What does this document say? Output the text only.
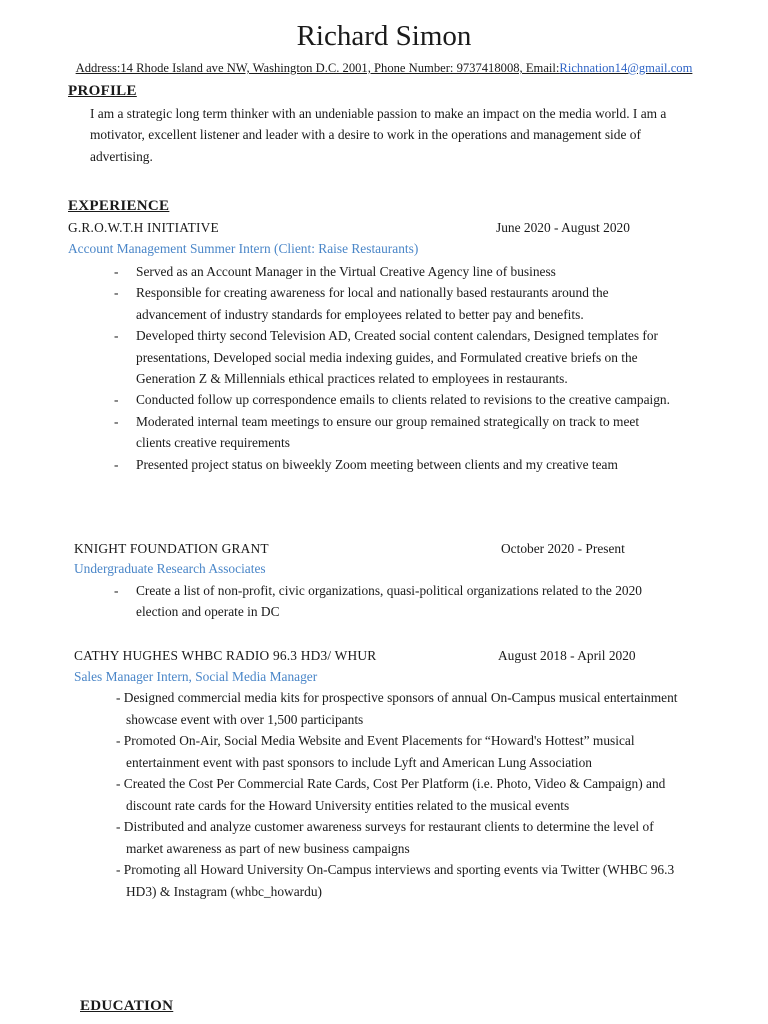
Richard Simon
Address:14 Rhode Island ave NW, Washington D.C. 2001, Phone Number: 9737418008, Email:Richnation14@gmail.com
PROFILE
I am a strategic long term thinker with an undeniable passion to make an impact on the media world. I am a motivator, excellent listener and leader with a desire to work in the operations and management side of advertising.
EXPERIENCE
G.R.O.W.T.H INITIATIVE	June 2020 - August 2020
Account Management Summer Intern (Client: Raise Restaurants)
- Served as an Account Manager in the Virtual Creative Agency line of business
- Responsible for creating awareness for local and nationally based restaurants around the advancement of industry standards for employees related to better pay and benefits.
- Developed thirty second Television AD, Created social content calendars, Designed templates for presentations, Developed social media indexing guides, and Formulated creative briefs on the Generation Z & Millennials ethical practices related to employees in restaurants.
- Conducted follow up correspondence emails to clients related to revisions to the creative campaign.
- Moderated internal team meetings to ensure our group remained strategically on track to meet clients creative requirements
- Presented project status on biweekly Zoom meeting between clients and my creative team
KNIGHT FOUNDATION GRANT	October 2020 - Present
Undergraduate Research Associates
- Create a list of non-profit, civic organizations, quasi-political organizations related to the 2020 election and operate in DC
CATHY HUGHES WHBC RADIO 96.3 HD3/ WHUR	August 2018 - April 2020
Sales Manager Intern, Social Media Manager
- Designed commercial media kits for prospective sponsors of annual On-Campus musical entertainment showcase event with over 1,500 participants
- Promoted On-Air, Social Media Website and Event Placements for “Howard's Hottest” musical entertainment event with past sponsors to include Lyft and American Lung Association
- Created the Cost Per Commercial Rate Cards, Cost Per Platform (i.e. Photo, Video & Campaign) and discount rate cards for the Howard University entities related to the musical events
- Distributed and analyze customer awareness surveys for restaurant clients to determine the level of market awareness as part of new business campaigns
- Promoting all Howard University On-Campus interviews and sporting events via Twitter (WHBC 96.3 HD3) & Instagram (whbc_howardu)
EDUCATION
